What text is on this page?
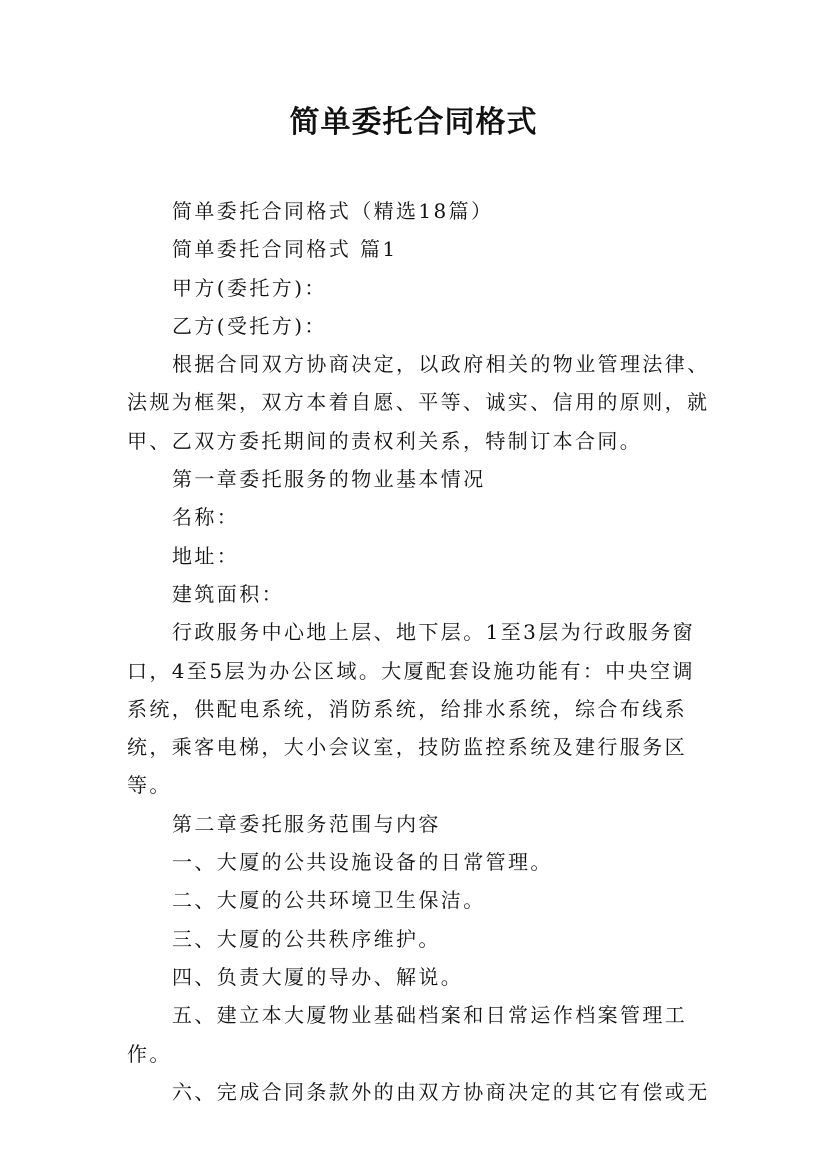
简单委托合同格式

简单委托合同格式（精选18篇）

简单委托合同格式 篇1

甲方(委托方)：

乙方(受托方)：

根据合同双方协商决定，以政府相关的物业管理法律、法规为框架，双方本着自愿、平等、诚实、信用的原则，就甲、乙双方委托期间的责权利关系，特制订本合同。

第一章委托服务的物业基本情况

名称：

地址：

建筑面积：

行政服务中心地上层、地下层。1至3层为行政服务窗口，4至5层为办公区域。大厦配套设施功能有：中央空调系统，供配电系统，消防系统，给排水系统，综合布线系统，乘客电梯，大小会议室，技防监控系统及建行服务区等。

第二章委托服务范围与内容

一、大厦的公共设施设备的日常管理。

二、大厦的公共环境卫生保洁。

三、大厦的公共秩序维护。

四、负责大厦的导办、解说。

五、建立本大厦物业基础档案和日常运作档案管理工作。

六、完成合同条款外的由双方协商决定的其它有偿或无
